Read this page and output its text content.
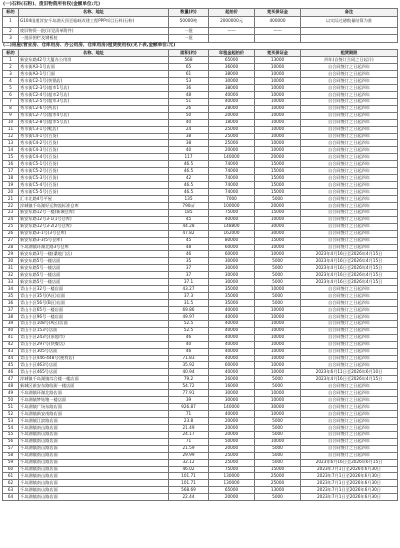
(一)石料(石粉)、废旧物资所有权(金额单位:元)
标的	名称、地址	数量(约)	起拍价	竞买保证金	备注
1	G104国道淳安千岛湖天顶至临岐改建工程PPP项目石料(石粉)	50000吨	2000000元	400000	以实际过磅数量结算为准
2	废旧物资一批(详见清单附件)	一批	——	——	
3	一批旧围栏及钢板桩	一批			
(二)房屋(营业房、仓库用房、办公用房、仓库用房)租赁使用权(见下表,金额单位:元)
标的	名称、地址	面积(约)	年租金起拍价	竞买保证金	租赁期限
1	新安东路42号大厦办公用房	568	65000	13000	四年(自签订合同之日起计)
2	秀水街A3-1号店面	65	36000	10000	自合同签订之日起四年
3	秀水街A3-1号门面	61	38000	10000	自合同签订之日起四年
4	秀水街C2-1号(快锅店)	53	30000	10000	自合同签订之日起四年
5	秀水街C2-3号(超市1号店)	36	38000	10000	自合同签订之日起四年
6	秀水街C2-4号(超市2号店)	48	40000	10000	自合同签订之日起四年
7	秀水街C2-5号(超市3号店)	51	40000	10000	自合同签订之日起四年
8	秀水街C2-6号(药店)	26	28000	10000	自合同签订之日起四年
9	秀水街C2-7号(超市4号店)	50	20000	10000	自合同签订之日起四年
10	秀水街C2-8号(超市5号店)	40	18000	10000	自合同签订之日起四年
11	秀水街C3-1号(鞋店)	24	25000	10000	自合同签订之日起四年
12	秀水街C4-1号(百货)	38	25000	10000	自合同签订之日起四年
13	秀水街C4-2号(百货)	38	25000	10000	自合同签订之日起四年
14	秀水街C4-3号(百货)	40	20000	10000	自合同签订之日起四年
15	秀水街C4-4号(百货)	117	140000	20000	自合同签订之日起四年
16	秀水街C5-1号(百货)	46.5	74000	15000	自合同签订之日起四年
17	秀水街C5-2号(百货)	46.5	74000	15000	自合同签订之日起四年
18	秀水街C5-3号(百货)	42	74000	15000	自合同签订之日起四年
19	秀水街C5-4号(百货)	46.5	74000	15000	自合同签订之日起四年
20	秀水街C5-5号(百货)	46.5	74000	15000	自合同签订之日起四年
21	汇丰北路4号平屋	135	7000	5000	自合同签订之日起四年
22	淳城镇千岛湖好运物流标准仓库	790㎡	100000	20000	自合同签订之日起四年
23	新安东路12号一楼(新城仓库)	185	75000	15000	自合同签订之日起四年
24	新安东路12号3-1(1号仓库)	45	40000	10000	自合同签订之日起四年
25	新安东路12号3-2(2号仓库)	44.28	148800	30000	自合同签订之日起四年
26	新安东路3-1号(3号仓库)	47.82	162000	30000	自合同签订之日起四年
27	新安东路3-3(5号仓库)	45	80000	15000	自合同签订之日起四年
28	千岛湖镇环湖北路3号仓库	48	60000	10000	自合同签订之日起四年
29	新安东路3号一楼(桑地门店)	46	60000	10000	2023年4月16日至2026年4月15日
30	新安东路5号一楼店面	35	30000	5000	2023年4月16日至2026年4月15日
31	新安东路5号一楼店面	37	30000	5000	2023年4月16日至2026年4月15日
32	新安东路5号一楼店面	37	30000	5000	2023年4月16日至2026年4月15日
33	新安东路5号一楼店面	37.1	30000	5000	2023年4月16日至2026年4月15日
34	青山小区32号一楼店面	43.27	35000	10000	自合同签订之日起四年
35	青山小区35号(A区)店面	37.3	35000	5000	自合同签订之日起四年
36	青山小区56号(B区)店面	31.5	35000	5000	自合同签订之日起四年
37	青山小区65号一楼店面	69.86	40000	10000	自合同签订之日起四年
38	青山小区96号一楼店面	49.97	40000	10000	自合同签订之日起四年
39	青山小区108号(A区)店面	52.5	40000	10000	自合同签订之日起四年
40	青山小区153号店面	52.5	40000	10000	自合同签订之日起四年
41	青山小区243号(原超市)	46	40000	10000	自合同签订之日起四年
42	青山小区297号(快餐店)	40	40000	10000	自合同签订之日起四年
43	青山小区305号店面	46	40000	10000	自合同签订之日起四年
44	青山小区446-448号(便利店)	71.83	40000	10000	自合同签订之日起四年
45	青山小区463号店面	35.92	60000	10000	自合同签订之日起四年
46	青山小区465号店面	40.94	40000	10000	2023年6月11日至2026年6月10日
47	淳城镇千岛湖镇综合楼一楼店面	79.2	26000	5000	2023年4月16日至2026年4月15日
48	新城区新安东路临街一楼店面	54.72	16000	5000	自合同签订之日起四年
49	千岛湖镇环湖北路店面	77.91	30000	10000	自合同签订之日起四年
50	千岛湖镇梦姑塘一楼店面	39	30000	10000	自合同签订之日起四年
51	千岛湖镇广场东路店面	926.87	140000	30000	自合同签订之日起四年
52	千岛湖镇新安南路店面	71	40000	10000	自合同签订之日起四年
53	千岛湖镇江滨路店面	23.8	20000	5000	自合同签订之日起四年
54	千岛湖镇南山路店面	21.49	20000	5000	自合同签订之日起四年
55	千岛湖镇南山路店面	24.17	20000	5000	自合同签订之日起四年
56	千岛湖镇南山路店面	71	50000	10000	自合同签订之日起四年
57	千岛湖镇南山路店面	21.59	20000	5000	自合同签订之日起四年
58	千岛湖镇南山路店面	29.99	25000	5000	自合同签订之日起四年
59	千岛湖镇南山路店面	32.12	25000	5000	2023年6月16日至2026年6月15日
60	千岛湖镇南山路店面	46.02	75000	15000	2023年7月1日至2026年6月30日
61	千岛湖镇南山路店面	101.71	130000	25000	2023年7月1日至2026年6月30日
62	千岛湖镇南山路店面	101.71	130000	25000	2023年7月1日至2026年6月30日
63	千岛湖镇南山路店面	568.69	65000	13000	2023年7月1日至2026年6月30日
64	千岛湖镇南山路店面	22.44	20000	5000	2023年7月1日至2026年6月30日
